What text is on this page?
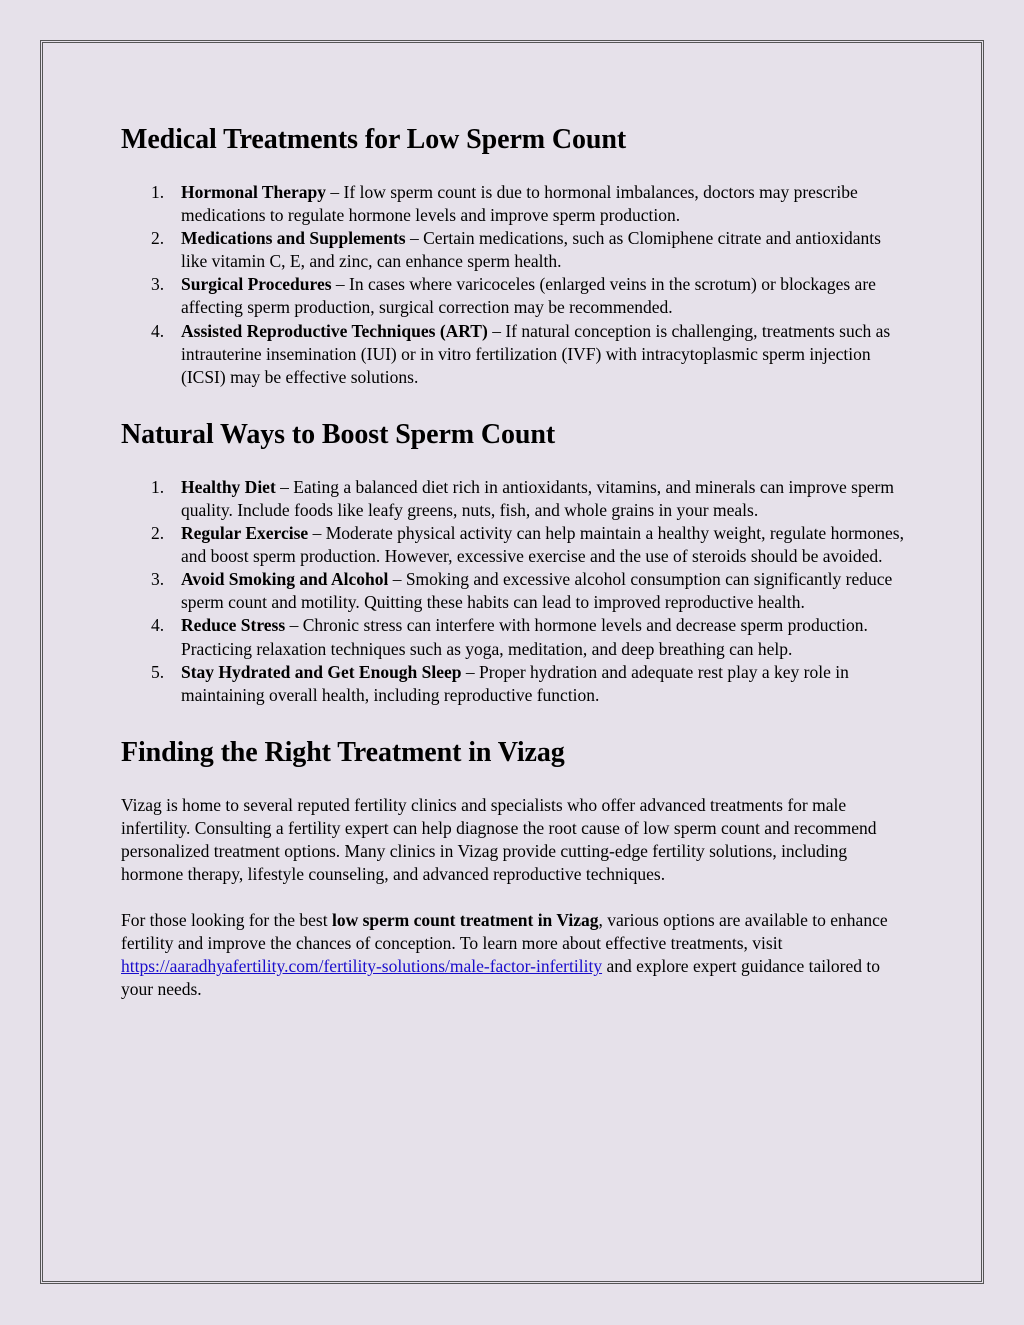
Medical Treatments for Low Sperm Count
1. Hormonal Therapy – If low sperm count is due to hormonal imbalances, doctors may prescribe medications to regulate hormone levels and improve sperm production.
2. Medications and Supplements – Certain medications, such as Clomiphene citrate and antioxidants like vitamin C, E, and zinc, can enhance sperm health.
3. Surgical Procedures – In cases where varicoceles (enlarged veins in the scrotum) or blockages are affecting sperm production, surgical correction may be recommended.
4. Assisted Reproductive Techniques (ART) – If natural conception is challenging, treatments such as intrauterine insemination (IUI) or in vitro fertilization (IVF) with intracytoplasmic sperm injection (ICSI) may be effective solutions.
Natural Ways to Boost Sperm Count
1. Healthy Diet – Eating a balanced diet rich in antioxidants, vitamins, and minerals can improve sperm quality. Include foods like leafy greens, nuts, fish, and whole grains in your meals.
2. Regular Exercise – Moderate physical activity can help maintain a healthy weight, regulate hormones, and boost sperm production. However, excessive exercise and the use of steroids should be avoided.
3. Avoid Smoking and Alcohol – Smoking and excessive alcohol consumption can significantly reduce sperm count and motility. Quitting these habits can lead to improved reproductive health.
4. Reduce Stress – Chronic stress can interfere with hormone levels and decrease sperm production. Practicing relaxation techniques such as yoga, meditation, and deep breathing can help.
5. Stay Hydrated and Get Enough Sleep – Proper hydration and adequate rest play a key role in maintaining overall health, including reproductive function.
Finding the Right Treatment in Vizag

Vizag is home to several reputed fertility clinics and specialists who offer advanced treatments for male infertility. Consulting a fertility expert can help diagnose the root cause of low sperm count and recommend personalized treatment options. Many clinics in Vizag provide cutting-edge fertility solutions, including hormone therapy, lifestyle counseling, and advanced reproductive techniques.

For those looking for the best low sperm count treatment in Vizag, various options are available to enhance fertility and improve the chances of conception. To learn more about effective treatments, visit https://aaradhyafertility.com/fertility-solutions/male-factor-infertility and explore expert guidance tailored to your needs.
